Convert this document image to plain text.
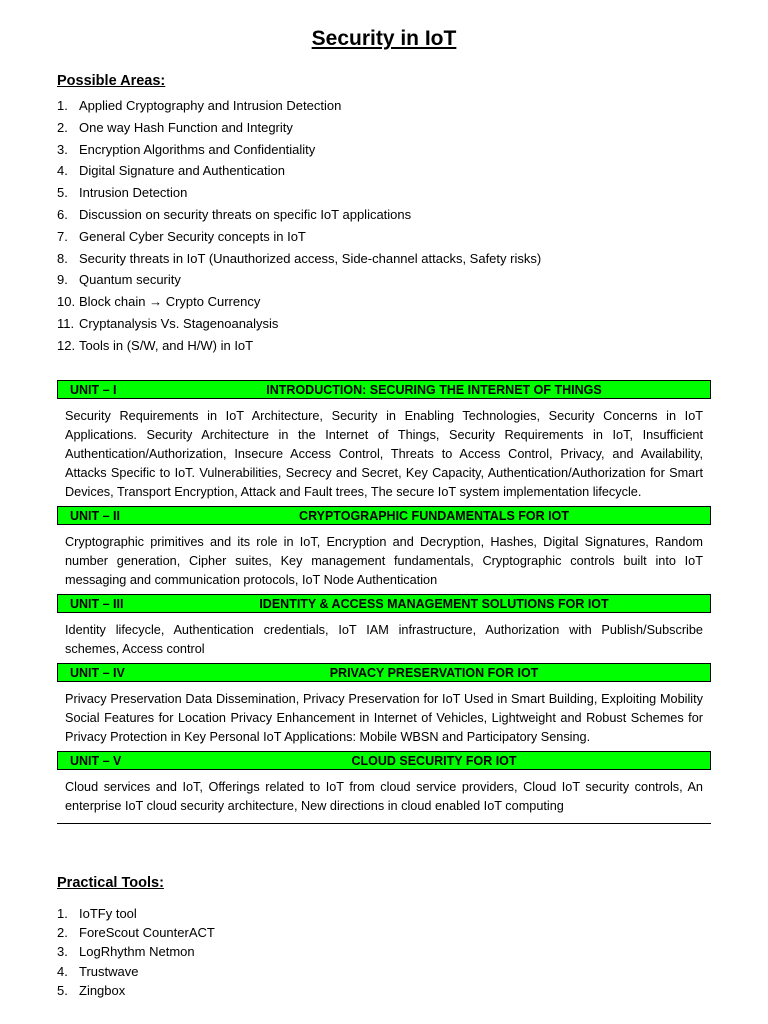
Security in IoT
Possible Areas:
1. Applied Cryptography and Intrusion Detection
2. One way Hash Function and Integrity
3. Encryption Algorithms and Confidentiality
4. Digital Signature and Authentication
5. Intrusion Detection
6. Discussion on security threats on specific IoT applications
7. General Cyber Security concepts in IoT
8. Security threats in IoT (Unauthorized access, Side-channel attacks, Safety risks)
9. Quantum security
10. Block chain → Crypto Currency
11. Cryptanalysis Vs. Stagenoanalysis
12. Tools in (S/W, and H/W) in IoT
UNIT – I	INTRODUCTION: SECURING THE INTERNET OF THINGS
Security Requirements in IoT Architecture, Security in Enabling Technologies, Security Concerns in IoT Applications. Security Architecture in the Internet of Things, Security Requirements in IoT, Insufficient Authentication/Authorization, Insecure Access Control, Threats to Access Control, Privacy, and Availability, Attacks Specific to IoT. Vulnerabilities, Secrecy and Secret, Key Capacity, Authentication/Authorization for Smart Devices, Transport Encryption, Attack and Fault trees, The secure IoT system implementation lifecycle.
UNIT – II	CRYPTOGRAPHIC FUNDAMENTALS FOR IOT
Cryptographic primitives and its role in IoT, Encryption and Decryption, Hashes, Digital Signatures, Random number generation, Cipher suites, Key management fundamentals, Cryptographic controls built into IoT messaging and communication protocols, IoT Node Authentication
UNIT – III	IDENTITY & ACCESS MANAGEMENT SOLUTIONS FOR IOT
Identity lifecycle, Authentication credentials, IoT IAM infrastructure, Authorization with Publish/Subscribe schemes, Access control
UNIT – IV	PRIVACY PRESERVATION FOR IOT
Privacy Preservation Data Dissemination, Privacy Preservation for IoT Used in Smart Building, Exploiting Mobility Social Features for Location Privacy Enhancement in Internet of Vehicles, Lightweight and Robust Schemes for Privacy Protection in Key Personal IoT Applications: Mobile WBSN and Participatory Sensing.
UNIT – V	CLOUD SECURITY FOR IOT
Cloud services and IoT, Offerings related to IoT from cloud service providers, Cloud IoT security controls, An enterprise IoT cloud security architecture, New directions in cloud enabled IoT computing
Practical Tools:
1. IoTFy tool
2. ForeScout CounterACT
3. LogRhythm Netmon
4. Trustwave
5. Zingbox
